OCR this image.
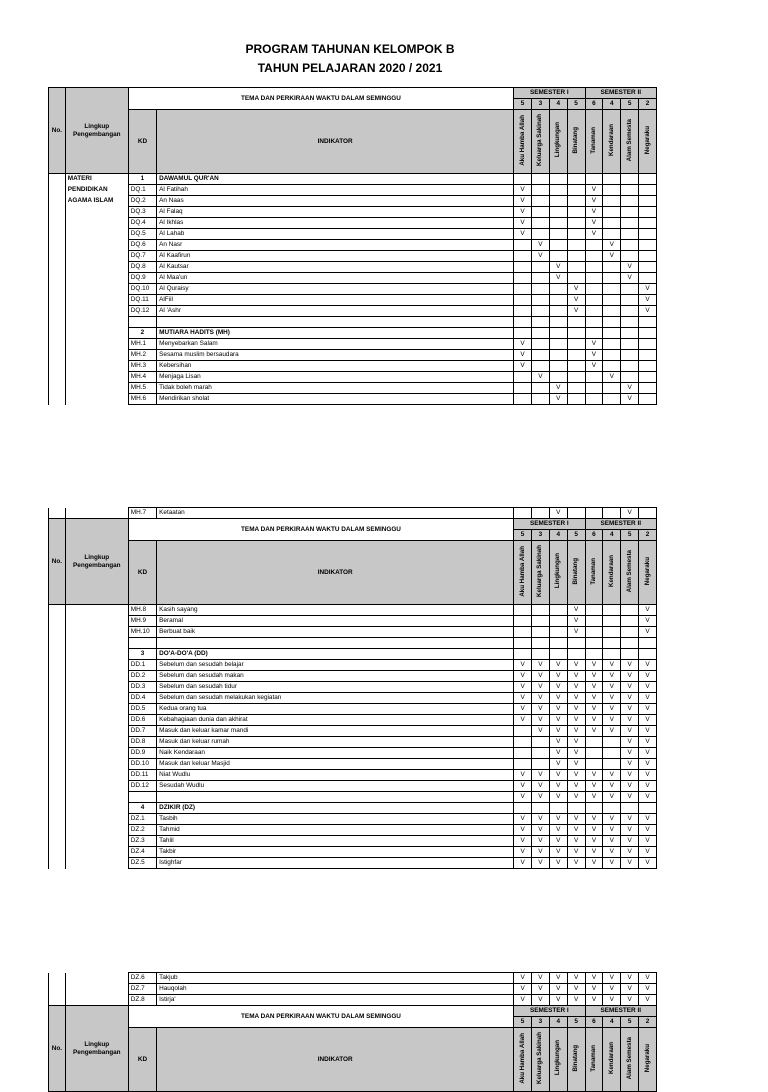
PROGRAM TAHUNAN KELOMPOK B
TAHUN PELAJARAN 2020 / 2021
No.	Lingkup Pengembangan	TEMA DAN PERKIRAAN WAKTU DALAM SEMINGGU		SEMESTER I				SEMESTER II			
				5	3	4	5	6	4	5	2
		KD	INDIKATOR	Aku Hamba Allah	Keluarga Sakinah	Lingkungan	Binatang	Tanaman	Kendaraan	Alam Semesta	Negaraku
	MATERI	1	DAWAMUL QUR'AN								
	PENDIDIKAN	DQ.1	Al Fatihah	V				V			
	AGAMA ISLAM	DQ.2	An Naas	V				V			
		DQ.3	Al Falaq	V				V			
		DQ.4	Al Ikhlas	V				V			
		DQ.5	Al Lahab	V				V			
		DQ.6	An Nasr		V				V		
		DQ.7	Al Kaafirun		V				V		
		DQ.8	Al Kautsar			V				V	
		DQ.9	Al Maa'un			V				V	
		DQ.10	Al Quraisy				V				V
		DQ.11	AlFiil				V				V
		DQ.12	Al 'Ashr				V				V

		2	MUTIARA HADITS (MH)								
		MH.1	Menyebarkan Salam	V				V			
		MH.2	Sesama muslim bersaudara	V				V			
		MH.3	Kebersihan	V				V			
		MH.4	Menjaga Lisan		V				V		
		MH.5	Tidak boleh marah			V				V	
		MH.6	Mendirikan sholat			V				V	
		MH.7	Ketaatan			V				V	
No.	Lingkup Pengembangan	TEMA DAN PERKIRAAN WAKTU DALAM SEMINGGU		SEMESTER I				SEMESTER II			
				5	3	4	5	6	4	5	2
		KD	INDIKATOR	Aku Hamba Allah	Keluarga Sakinah	Lingkungan	Binatang	Tanaman	Kendaraan	Alam Semesta	Negaraku
		MH.8	Kasih sayang				V				V
		MH.9	Beramal				V				V
		MH.10	Berbuat baik				V				V

		3	DO'A-DO'A (DD)								
		DD.1	Sebelum dan sesudah belajar	V	V	V	V	V	V	V	V
		DD.2	Sebelum dan sesudah makan	V	V	V	V	V	V	V	V
		DD.3	Sebelum dan sesudah tidur	V	V	V	V	V	V	V	V
		DD.4	Sebelum dan sesudah melakukan kegiatan	V	V	V	V	V	V	V	V
		DD.5	Kedua orang tua	V	V	V	V	V	V	V	V
		DD.6	Kebahagiaan dunia dan akhirat	V	V	V	V	V	V	V	V
		DD.7	Masuk dan keluar kamar mandi		V	V	V	V	V	V	V
		DD.8	Masuk dan keluar rumah			V	V			V	V
		DD.9	Naik Kendaraan			V	V			V	V
		DD.10	Masuk dan keluar Masjid			V	V			V	V
		DD.11	Niat Wudlu	V	V	V	V	V	V	V	V
		DD.12	Sesudah Wudlu	V	V	V	V	V	V	V	V
				V	V	V	V	V	V	V	V
		4	DZIKIR (DZ)								
		DZ.1	Tasbih	V	V	V	V	V	V	V	V
		DZ.2	Tahmid	V	V	V	V	V	V	V	V
		DZ.3	Tahlil	V	V	V	V	V	V	V	V
		DZ.4	Takbir	V	V	V	V	V	V	V	V
		DZ.5	Istighfar	V	V	V	V	V	V	V	V
		DZ.6	Takjub	V	V	V	V	V	V	V	V
		DZ.7	Hauqolah	V	V	V	V	V	V	V	V
		DZ.8	Istirja'	V	V	V	V	V	V	V	V
No.	Lingkup Pengembangan	TEMA DAN PERKIRAAN WAKTU DALAM SEMINGGU		SEMESTER I				SEMESTER II			
				5	3	4	5	6	4	5	2
		KD	INDIKATOR	Aku Hamba Allah	Keluarga Sakinah	Lingkungan	Binatang	Tanaman	Kendaraan	Alam Semesta	Negaraku
